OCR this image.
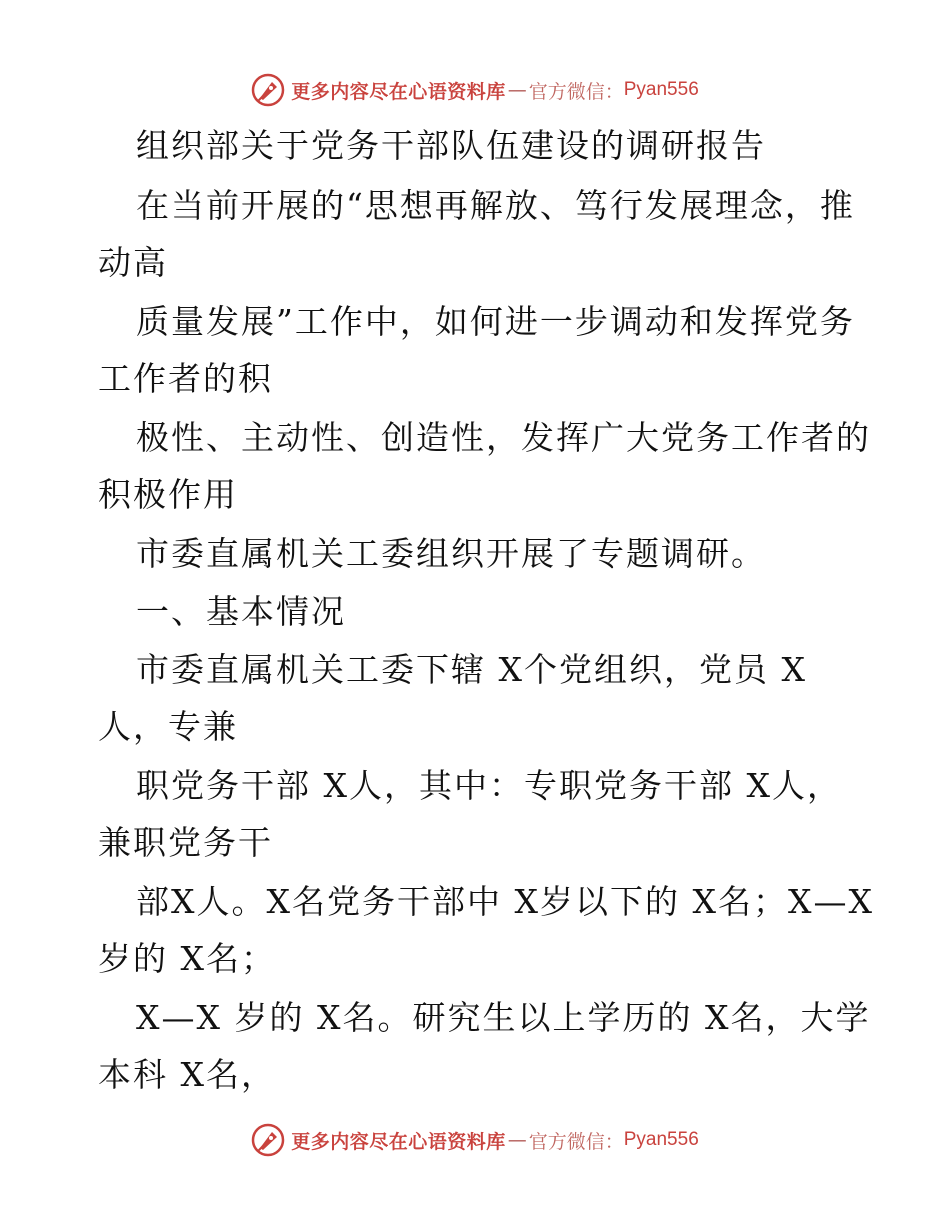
更多内容尽在心语资料库 — 官方微信： Pyan556
组织部关于党务干部队伍建设的调研报告
在当前开展的“思想再解放、笃行发展理念，推
动高
质量发展”工作中，如何进一步调动和发挥党务
工作者的积
极性、主动性、创造性，发挥广大党务工作者的
积极作用
市委直属机关工委组织开展了专题调研。
一、基本情况
市委直属机关工委下辖 X个党组织，党员 X
人，专兼
职党务干部 X人，其中：专职党务干部 X人，
兼职党务干
部X人。X名党务干部中 X岁以下的 X名；X—X
岁的 X名；
X—X 岁的 X名。研究生以上学历的 X名，大学
本科 X名，
更多内容尽在心语资料库 — 官方微信： Pyan556
